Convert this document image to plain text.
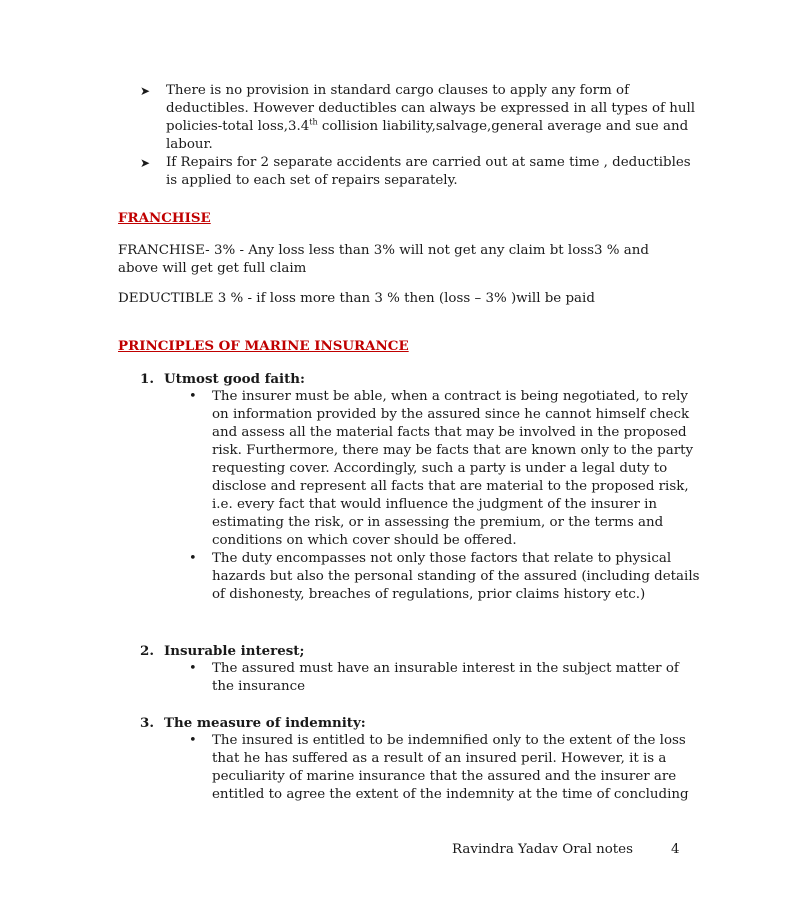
➤ There is no provision in standard cargo clauses to apply any form of deductibles. However deductibles can always be expressed in all types of hull policies-total loss,3.4th collision liability,salvage,general average and sue and labour.
➤ If Repairs for 2 separate accidents are carried out at same time , deductibles is applied to each set of repairs separately.
FRANCHISE
FRANCHISE- 3% - Any loss less than 3% will not get any claim bt loss3 % and above will get get full claim
DEDUCTIBLE 3 % - if loss more than 3 % then (loss – 3% )will be paid
PRINCIPLES OF MARINE INSURANCE
1. Utmost good faith:
• The insurer must be able, when a contract is being negotiated, to rely on information provided by the assured since he cannot himself check and assess all the material facts that may be involved in the proposed risk. Furthermore, there may be facts that are known only to the party requesting cover. Accordingly, such a party is under a legal duty to disclose and represent all facts that are material to the proposed risk, i.e. every fact that would influence the judgment of the insurer in estimating the risk, or in assessing the premium, or the terms and conditions on which cover should be offered.
• The duty encompasses not only those factors that relate to physical hazards but also the personal standing of the assured (including details of dishonesty, breaches of regulations, prior claims history etc.)
2. Insurable interest;
• The assured must have an insurable interest in the subject matter of the insurance
3. The measure of indemnity:
• The insured is entitled to be indemnified only to the extent of the loss that he has suffered as a result of an insured peril. However, it is a peculiarity of marine insurance that the assured and the insurer are entitled to agree the extent of the indemnity at the time of concluding
Ravindra Yadav Oral notes	4
